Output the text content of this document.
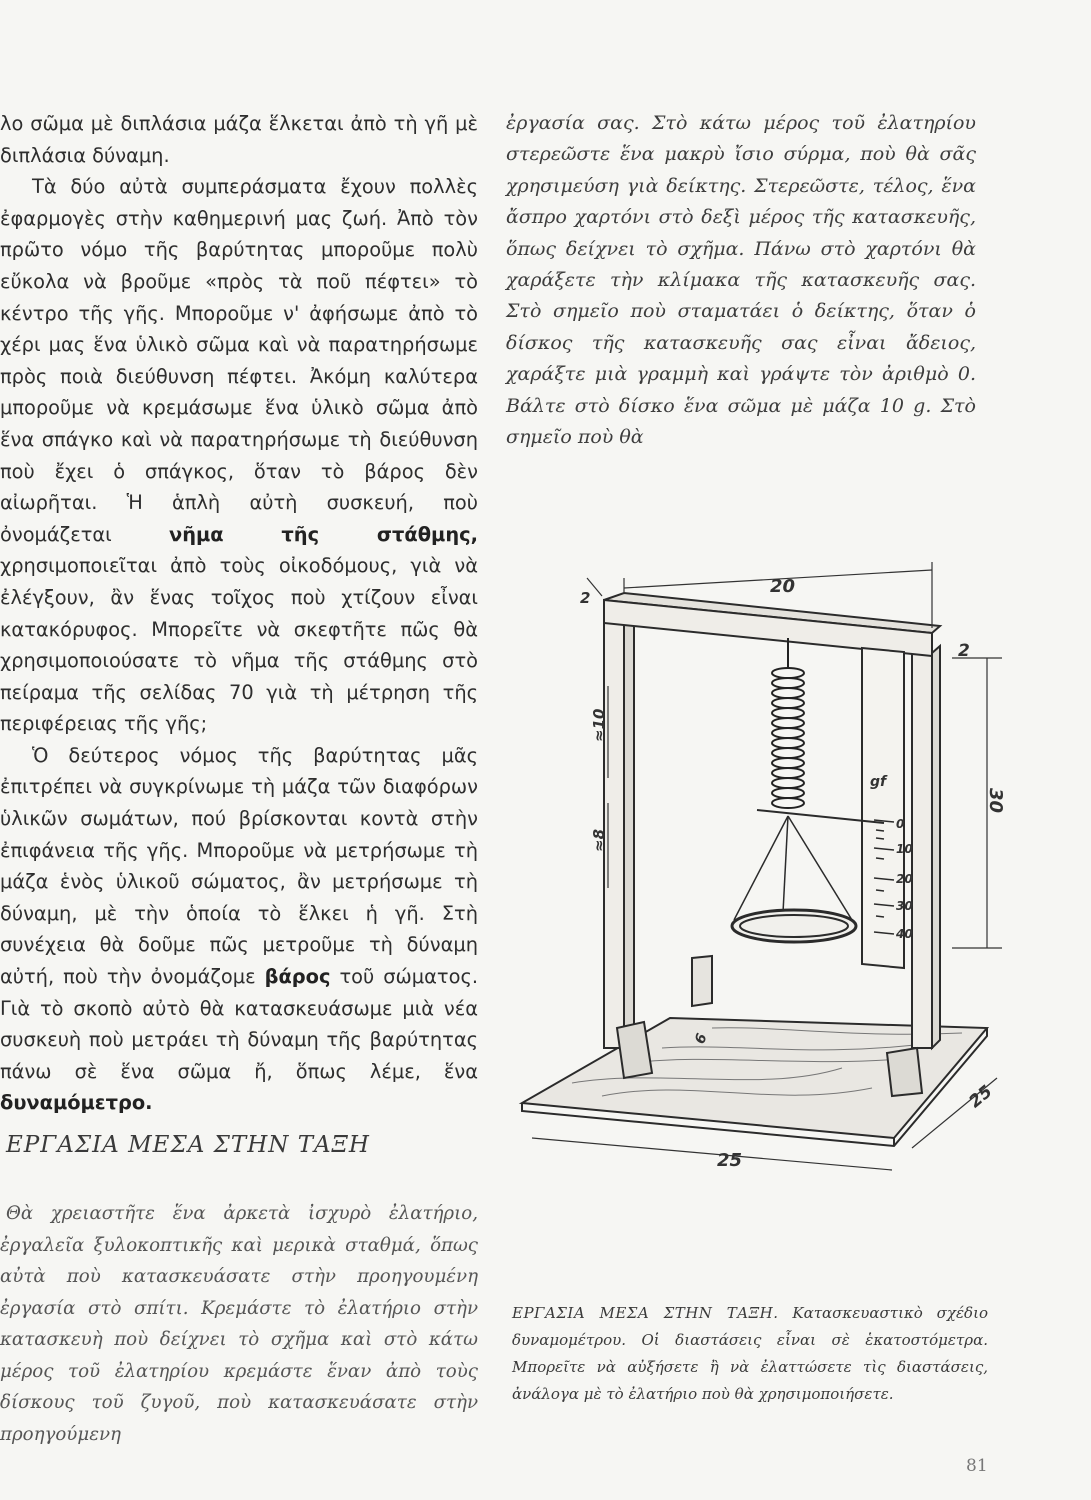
λο σῶμα μὲ διπλάσια μάζα ἕλκεται ἀπὸ τὴ γῆ μὲ διπλάσια δύναμη.

Τὰ δύο αὐτὰ συμπεράσματα ἔχουν πολλὲς ἐφαρμογὲς στὴν καθημερινή μας ζωή. Ἀπὸ τὸν πρῶτο νόμο τῆς βαρύτητας μποροῦμε πολὺ εὔκολα νὰ βροῦμε «πρὸς τὰ ποῦ πέφτει» τὸ κέντρο τῆς γῆς. Μποροῦμε ν' ἀφήσωμε ἀπὸ τὸ χέρι μας ἕνα ὑλικὸ σῶμα καὶ νὰ παρατηρήσωμε πρὸς ποιὰ διεύθυνση πέφτει. Ἀκόμη καλύτερα μποροῦμε νὰ κρεμάσωμε ἕνα ὑλικὸ σῶμα ἀπὸ ἕνα σπάγκο καὶ νὰ παρατηρήσωμε τὴ διεύθυνση ποὺ ἔχει ὁ σπάγκος, ὅταν τὸ βάρος δὲν αἰωρῆται. Ἡ ἁπλὴ αὐτὴ συσκευή, ποὺ ὀνομάζεται	νῆμα τῆς στάθμης, χρησιμοποιεῖται ἀπὸ τοὺς οἰκοδόμους, γιὰ νὰ ἐλέγξουν, ἂν ἕνας τοῖχος ποὺ χτίζουν εἶναι κατακόρυφος. Μπορεῖτε νὰ σκεφτῆτε πῶς θὰ χρησιμοποιούσατε τὸ νῆμα τῆς στάθμης στὸ πείραμα τῆς σελίδας 70 γιὰ τὴ μέτρηση τῆς περιφέρειας τῆς γῆς;

Ὁ δεύτερος νόμος τῆς βαρύτητας μᾶς ἐπιτρέπει νὰ συγκρίνωμε τὴ μάζα τῶν διαφόρων ὑλικῶν σωμάτων, πού βρίσκονται κοντὰ στὴν ἐπιφάνεια τῆς γῆς. Μποροῦμε νὰ μετρήσωμε τὴ μάζα ἑνὸς ὑλικοῦ σώματος, ἂν μετρήσωμε τὴ δύναμη, μὲ τὴν ὁποία τὸ ἕλκει ἡ γῆ. Στὴ συνέχεια θὰ δοῦμε πῶς μετροῦμε τὴ δύναμη αὐτή, ποὺ τὴν ὀνομάζομε βάρος τοῦ σώματος. Γιὰ τὸ σκοπὸ αὐτὸ θὰ κατασκευάσωμε μιὰ νέα συσκευὴ ποὺ μετράει τὴ δύναμη τῆς βαρύτητας πάνω σὲ ἕνα σῶμα ἤ, ὅπως λέμε, ἕνα δυναμόμετρο.

ΕΡΓΑΣΙΑ ΜΕΣΑ ΣΤΗΝ ΤΑΞΗ

Θὰ χρειαστῆτε ἕνα ἀρκετὰ ἰσχυρὸ ἐλατήριο, ἐργαλεῖα ξυλοκοπτικῆς καὶ μερικὰ σταθμά, ὅπως αὐτὰ ποὺ κατασκευάσατε στὴν προηγουμένη ἐργασία στὸ σπίτι. Κρεμάστε τὸ ἐλατήριο στὴν κατασκευὴ ποὺ δείχνει τὸ σχῆμα καὶ στὸ κάτω μέρος τοῦ ἐλατηρίου κρεμάστε ἕναν ἀπὸ τοὺς δίσκους τοῦ ζυγοῦ, ποὺ κατασκευάσατε στὴν προηγούμενη

ἐργασία σας. Στὸ κάτω μέρος τοῦ ἐλατηρίου στερεῶστε ἕνα μακρὺ ἴσιο σύρμα, ποὺ θὰ σᾶς χρησιμεύση γιὰ δείκτης. Στερεῶστε, τέλος, ἕνα ἄσπρο χαρτόνι στὸ δεξὶ μέρος τῆς κατασκευῆς, ὅπως δείχνει τὸ σχῆμα. Πάνω στὸ χαρτόνι θὰ χαράξετε τὴν κλίμακα τῆς κατασκευῆς σας. Στὸ σημεῖο ποὺ σταματάει ὁ δείκτης, ὅταν ὁ δίσκος τῆς κατασκευῆς σας εἶναι ἄδειος, χαράξτε μιὰ γραμμὴ καὶ γράψτε τὸν ἀριθμὸ 0. Βάλτε στὸ δίσκο ἕνα σῶμα μὲ μάζα 10 g. Στὸ σημεῖο ποὺ θὰ

20
2
2
30
≈10
≈8
25
25
6
gf
0
10
20
30
40
ΕΡΓΑΣΙΑ ΜΕΣΑ ΣΤΗΝ ΤΑΞΗ. Κατασκευαστικὸ σχέδιο δυναμομέτρου. Οἱ διαστάσεις εἶναι σὲ ἑκατοστόμετρα. Μπορεῖτε νὰ αὐξήσετε ἢ νὰ ἐλαττώσετε τὶς διαστάσεις, ἀνάλογα μὲ τὸ ἐλατήριο ποὺ θὰ χρησιμοποιήσετε.
81
